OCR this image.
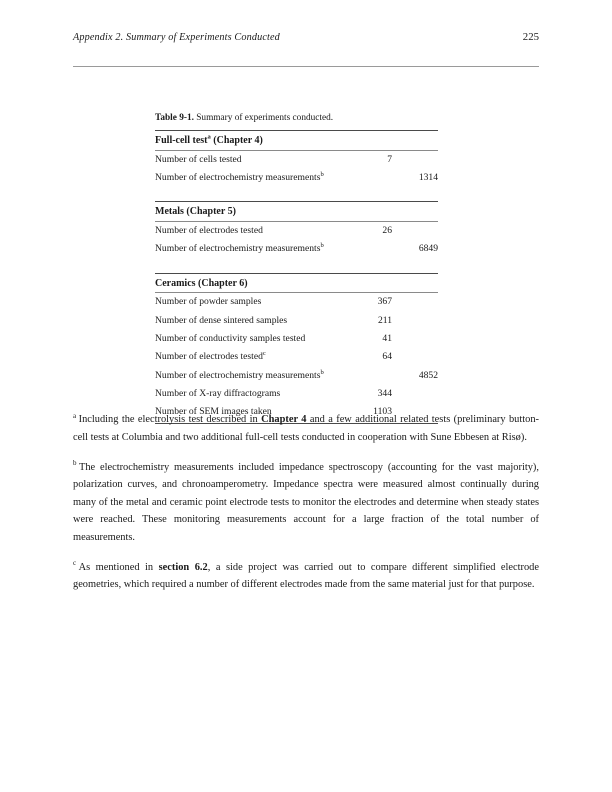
Appendix 2. Summary of Experiments Conducted	225
Table 9-1. Summary of experiments conducted.
Full-cell test$^a$ (Chapter 4)		
Number of cells tested	7	
Number of electrochemistry measurements$^b$		1314

Metals (Chapter 5)		
Number of electrodes tested	26	
Number of electrochemistry measurements$^b$		6849

Ceramics (Chapter 6)		
Number of powder samples	367	
Number of dense sintered samples	211	
Number of conductivity samples tested	41	
Number of electrodes tested$^c$	64	
Number of electrochemistry measurements$^b$		4852
Number of X-ray diffractograms	344	
Number of SEM images taken	1103	

$^a$ Including the electrolysis test described in Chapter 4 and a few additional related tests (preliminary button-cell tests at Columbia and two additional full-cell tests conducted in cooperation with Sune Ebbesen at Risø).

$^b$ The electrochemistry measurements included impedance spectroscopy (accounting for the vast majority), polarization curves, and chronoamperometry. Impedance spectra were measured almost continually during many of the metal and ceramic point electrode tests to monitor the electrodes and determine when steady states were reached. These monitoring measurements account for a large fraction of the total number of measurements.

$^c$ As mentioned in section 6.2, a side project was carried out to compare different simplified electrode geometries, which required a number of different electrodes made from the same material just for that purpose.
